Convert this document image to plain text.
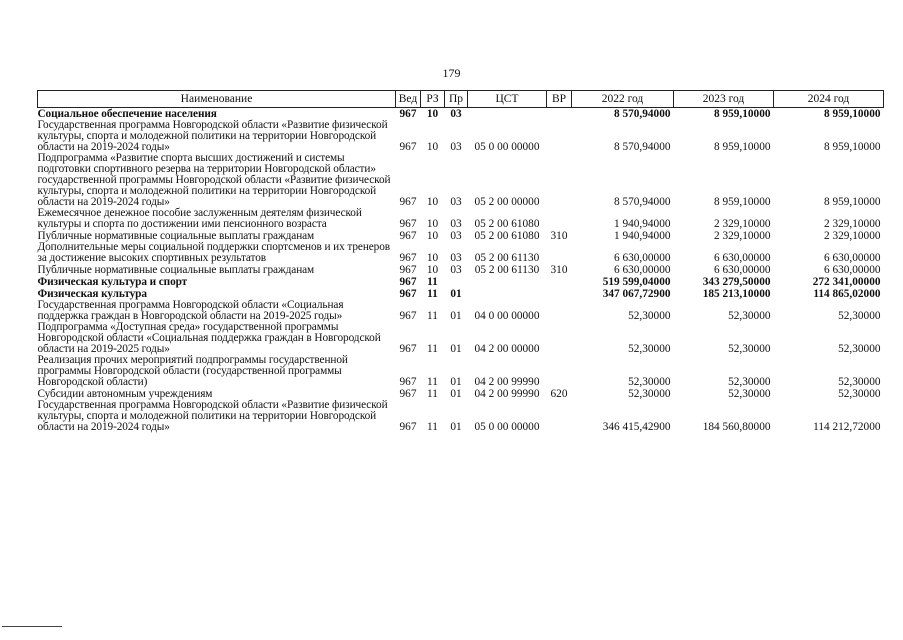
179
Наименование	Вед	РЗ	Пр	ЦСТ	ВР	2022 год	2023 год	2024 год
Социальное обеспечение населения	967	10	03			8 570,94000	8 959,10000	8 959,10000
Государственная программа Новгородской области «Развитие физической культуры, спорта и молодежной политики на территории Новгородской области на 2019-2024 годы»	967	10	03	05 0 00 00000		8 570,94000	8 959,10000	8 959,10000
Подпрограмма «Развитие спорта высших достижений и системы подготовки спортивного резерва на территории Новгородской области» государственной программы Новгородской области «Развитие физической культуры, спорта и молодежной политики на территории Новгородской области на 2019-2024 годы»	967	10	03	05 2 00 00000		8 570,94000	8 959,10000	8 959,10000
Ежемесячное денежное пособие заслуженным деятелям физической культуры и спорта по достижении ими пенсионного возраста	967	10	03	05 2 00 61080		1 940,94000	2 329,10000	2 329,10000
Публичные нормативные социальные выплаты гражданам	967	10	03	05 2 00 61080	310	1 940,94000	2 329,10000	2 329,10000
Дополнительные меры социальной поддержки спортсменов и их тренеров за достижение высоких спортивных результатов	967	10	03	05 2 00 61130		6 630,00000	6 630,00000	6 630,00000
Публичные нормативные социальные выплаты гражданам	967	10	03	05 2 00 61130	310	6 630,00000	6 630,00000	6 630,00000
Физическая культура и спорт	967	11				519 599,04000	343 279,50000	272 341,00000
Физическая культура	967	11	01			347 067,72900	185 213,10000	114 865,02000
Государственная программа Новгородской области «Социальная поддержка граждан в Новгородской области на 2019-2025 годы»	967	11	01	04 0 00 00000		52,30000	52,30000	52,30000
Подпрограмма «Доступная среда» государственной программы Новгородской области «Социальная поддержка граждан в Новгородской области на 2019-2025 годы»	967	11	01	04 2 00 00000		52,30000	52,30000	52,30000
Реализация прочих мероприятий подпрограммы государственной программы Новгородской области (государственной программы Новгородской области)	967	11	01	04 2 00 99990		52,30000	52,30000	52,30000
Субсидии автономным учреждениям	967	11	01	04 2 00 99990	620	52,30000	52,30000	52,30000
Государственная программа Новгородской области «Развитие физической культуры, спорта и молодежной политики на территории Новгородской области на 2019-2024 годы»	967	11	01	05 0 00 00000		346 415,42900	184 560,80000	114 212,72000
